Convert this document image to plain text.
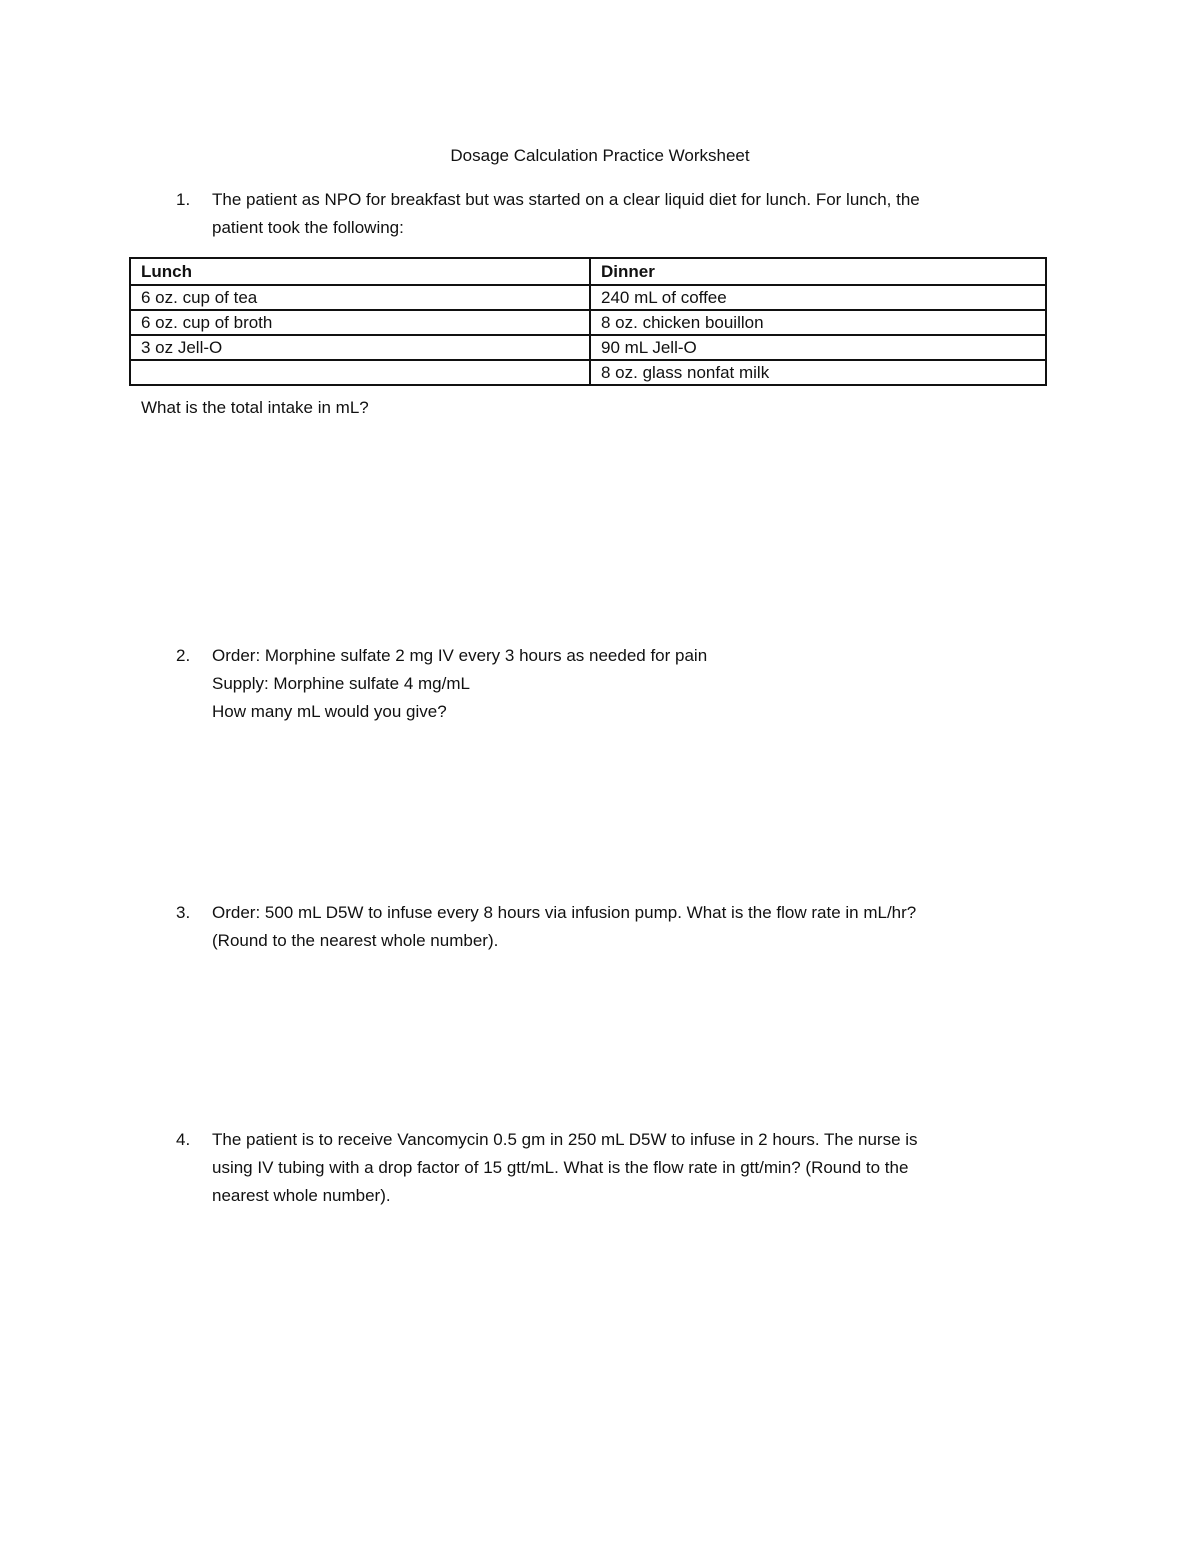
Dosage Calculation Practice Worksheet
1.	The patient as NPO for breakfast but was started on a clear liquid diet for lunch. For lunch, the
patient took the following:
Lunch	Dinner
6 oz. cup of tea	240 mL of coffee
6 oz. cup of broth	8 oz. chicken bouillon
3 oz Jell-O	90 mL Jell-O
	8 oz. glass nonfat milk
What is the total intake in mL?
2.	Order: Morphine sulfate 2 mg IV every 3 hours as needed for pain
Supply: Morphine sulfate 4 mg/mL
How many mL would you give?
3.	Order: 500 mL D5W to infuse every 8 hours via infusion pump. What is the flow rate in mL/hr?
(Round to the nearest whole number).
4.	The patient is to receive Vancomycin 0.5 gm in 250 mL D5W to infuse in 2 hours. The nurse is
using IV tubing with a drop factor of 15 gtt/mL. What is the flow rate in gtt/min? (Round to the
nearest whole number).
